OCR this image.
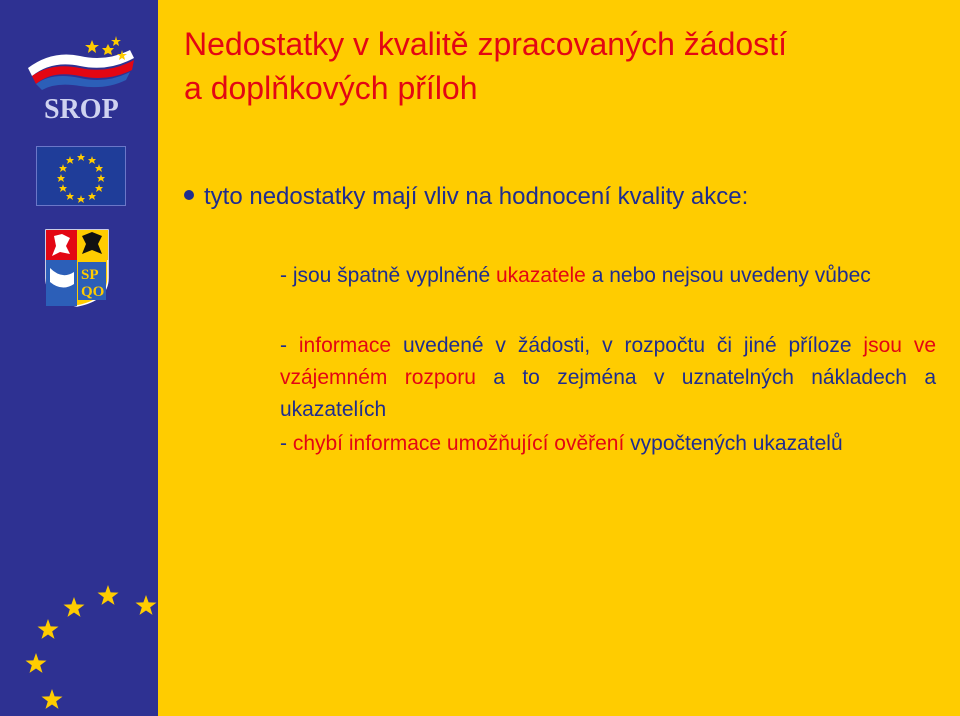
SROP
SP
QO
Nedostatky v kvalitě zpracovaných žádostí
a doplňkových příloh

tyto nedostatky mají vliv na hodnocení kvality akce:

- jsou špatně vyplněné ukazatele a nebo nejsou uvedeny vůbec

- informace uvedené v žádosti, v rozpočtu či jiné příloze jsou ve vzájemném rozporu a to zejména v uznatelných nákladech a ukazatelích

- chybí informace umožňující ověření vypočtených ukazatelů
